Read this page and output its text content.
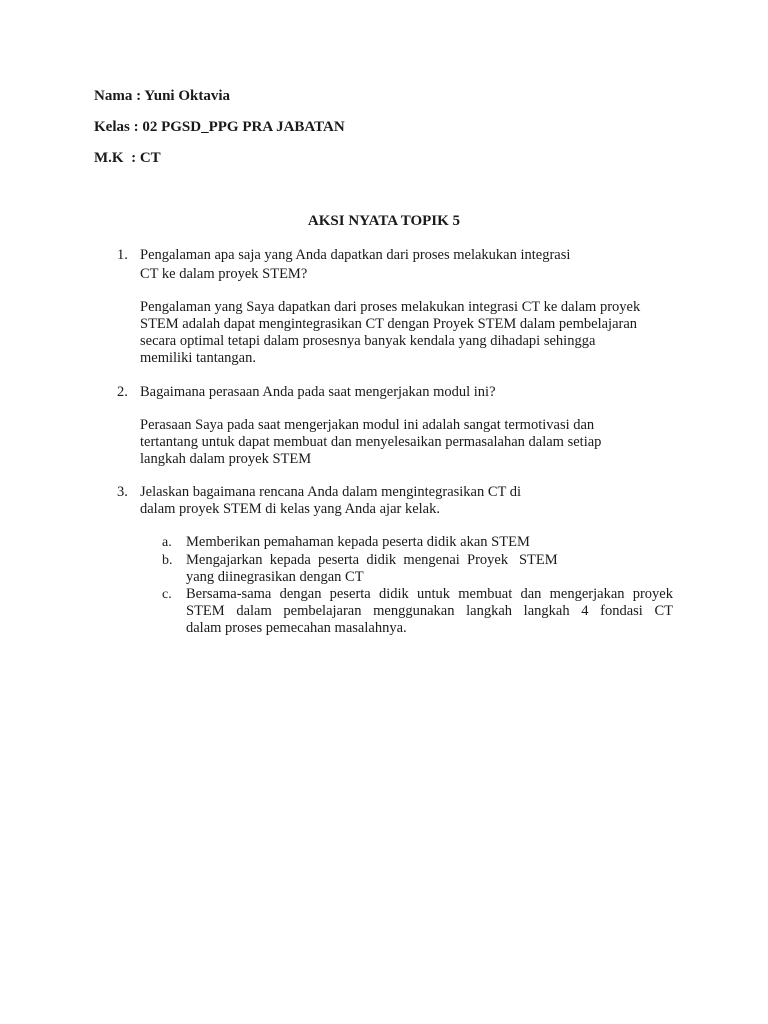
Nama : Yuni Oktavia
Kelas : 02 PGSD_PPG PRA JABATAN
M.K  : CT
AKSI NYATA TOPIK 5
1. Pengalaman apa saja yang Anda dapatkan dari proses melakukan integrasi
CT ke dalam proyek STEM?
Pengalaman yang Saya dapatkan dari proses melakukan integrasi CT ke dalam proyek
STEM adalah dapat mengintegrasikan CT dengan Proyek STEM dalam pembelajaran
secara optimal tetapi dalam prosesnya banyak kendala yang dihadapi sehingga
memiliki tantangan.
2. Bagaimana perasaan Anda pada saat mengerjakan modul ini?
Perasaan Saya pada saat mengerjakan modul ini adalah sangat termotivasi dan
tertantang untuk dapat membuat dan menyelesaikan permasalahan dalam setiap
langkah dalam proyek STEM
3. Jelaskan bagaimana rencana Anda dalam mengintegrasikan CT di
dalam proyek STEM di kelas yang Anda ajar kelak.
a. Memberikan pemahaman kepada peserta didik akan STEM
b. Mengajarkan  kepada  peserta  didik  mengenai  Proyek   STEM
yang diinegrasikan dengan CT
c. Bersama-sama dengan peserta didik untuk membuat dan mengerjakan proyek
STEM dalam pembelajaran menggunakan langkah langkah 4 fondasi CT
dalam proses pemecahan masalahnya.
